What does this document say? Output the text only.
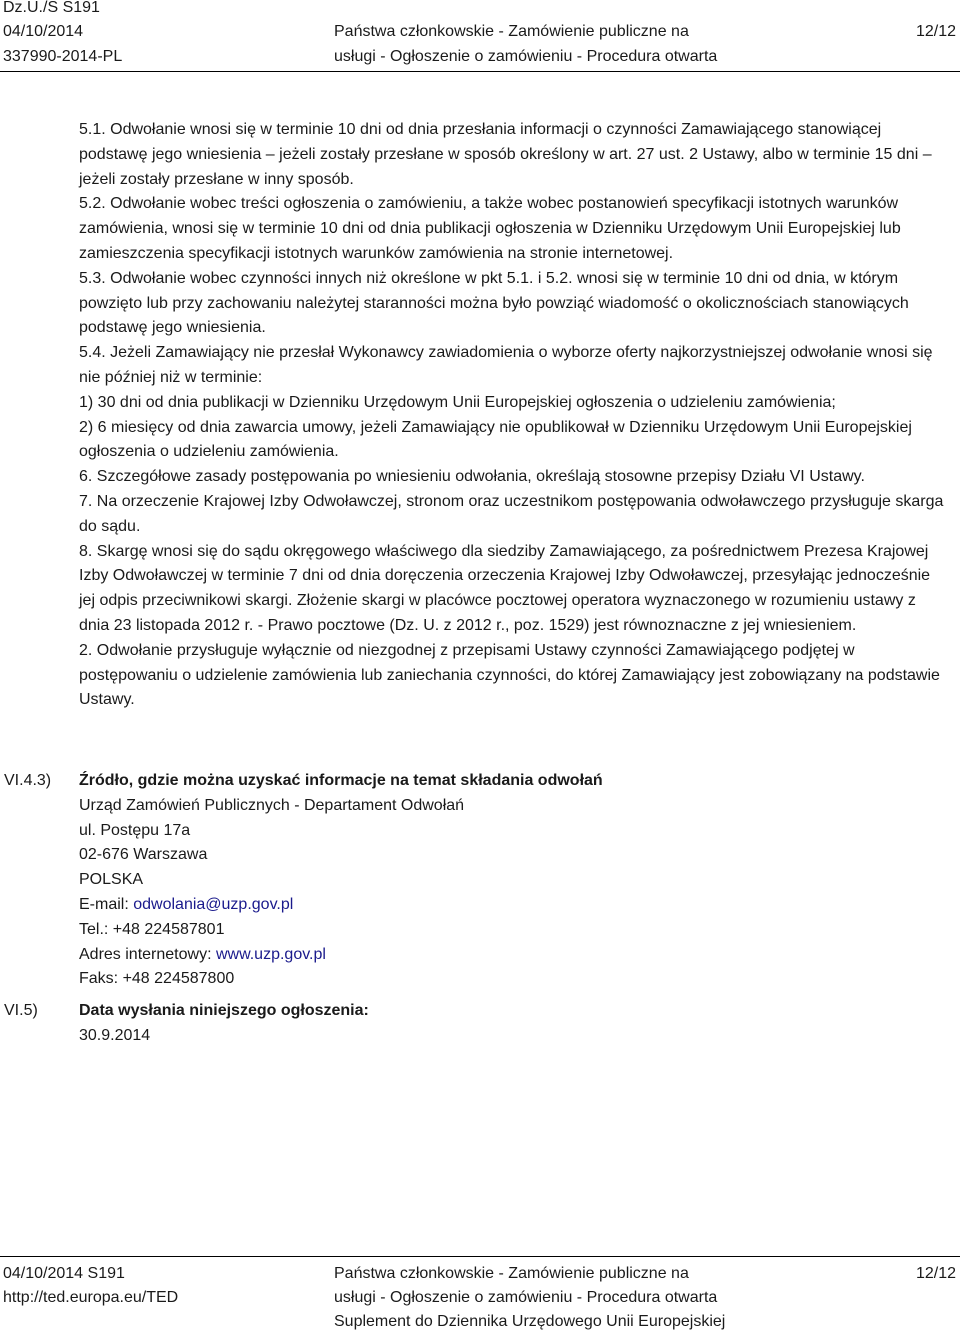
Dz.U./S S191
04/10/2014
337990-2014-PL
Państwa członkowskie - Zamówienie publiczne na
usługi - Ogłoszenie o zamówieniu - Procedura otwarta
12/12

5.1. Odwołanie wnosi się w terminie 10 dni od dnia przesłania informacji o czynności Zamawiającego stanowiącej podstawę jego wniesienia – jeżeli zostały przesłane w sposób określony w art. 27 ust. 2 Ustawy, albo w terminie 15 dni – jeżeli zostały przesłane w inny sposób.

5.2. Odwołanie wobec treści ogłoszenia o zamówieniu, a także wobec postanowień specyfikacji istotnych warunków zamówienia, wnosi się w terminie 10 dni od dnia publikacji ogłoszenia w Dzienniku Urzędowym Unii Europejskiej lub zamieszczenia specyfikacji istotnych warunków zamówienia na stronie internetowej.

5.3. Odwołanie wobec czynności innych niż określone w pkt 5.1. i 5.2. wnosi się w terminie 10 dni od dnia, w którym powzięto lub przy zachowaniu należytej staranności można było powziąć wiadomość o okolicznościach stanowiących podstawę jego wniesienia.

5.4. Jeżeli Zamawiający nie przesłał Wykonawcy zawiadomienia o wyborze oferty najkorzystniejszej odwołanie wnosi się nie później niż w terminie:

1) 30 dni od dnia publikacji w Dzienniku Urzędowym Unii Europejskiej ogłoszenia o udzieleniu zamówienia;

2) 6 miesięcy od dnia zawarcia umowy, jeżeli Zamawiający nie opublikował w Dzienniku Urzędowym Unii Europejskiej ogłoszenia o udzieleniu zamówienia.

6. Szczegółowe zasady postępowania po wniesieniu odwołania, określają stosowne przepisy Działu VI Ustawy.

7. Na orzeczenie Krajowej Izby Odwoławczej, stronom oraz uczestnikom postępowania odwoławczego przysługuje skarga do sądu.

8. Skargę wnosi się do sądu okręgowego właściwego dla siedziby Zamawiającego, za pośrednictwem Prezesa Krajowej Izby Odwoławczej w terminie 7 dni od dnia doręczenia orzeczenia Krajowej Izby Odwoławczej, przesyłając jednocześnie jej odpis przeciwnikowi skargi. Złożenie skargi w placówce pocztowej operatora wyznaczonego w rozumieniu ustawy z dnia 23 listopada 2012 r. - Prawo pocztowe (Dz. U. z 2012 r., poz. 1529) jest równoznaczne z jej wniesieniem.

2. Odwołanie przysługuje wyłącznie od niezgodnej z przepisami Ustawy czynności Zamawiającego podjętej w postępowaniu o udzielenie zamówienia lub zaniechania czynności, do której Zamawiający jest zobowiązany na podstawie Ustawy.

VI.4.3) Źródło, gdzie można uzyskać informacje na temat składania odwołań

Urząd Zamówień Publicznych - Departament Odwołań

ul. Postępu 17a

02-676 Warszawa

POLSKA

E-mail: odwolania@uzp.gov.pl

Tel.: +48 224587801

Adres internetowy: www.uzp.gov.pl

Faks: +48 224587800

VI.5)	Data wysłania niniejszego ogłoszenia:

30.9.2014

04/10/2014 S191
http://ted.europa.eu/TED
Państwa członkowskie - Zamówienie publiczne na
usługi - Ogłoszenie o zamówieniu - Procedura otwarta
Suplement do Dziennika Urzędowego Unii Europejskiej
12/12
